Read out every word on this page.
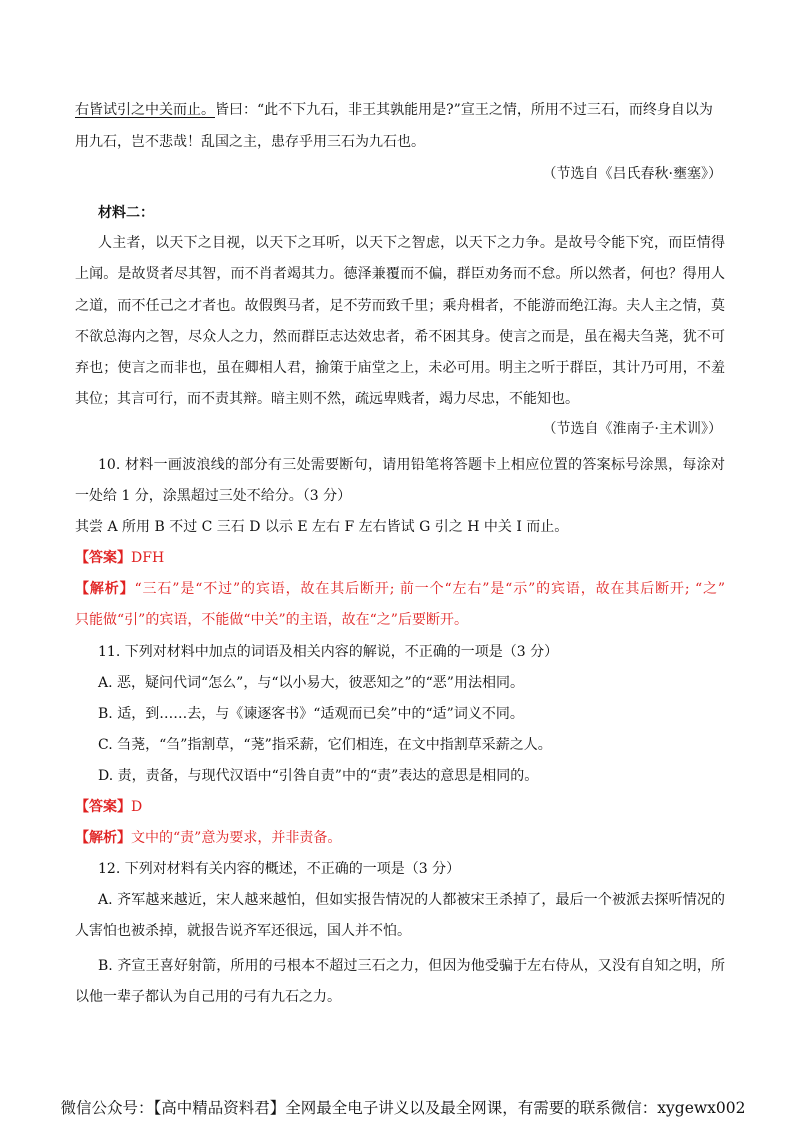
右皆试引之中关而止。皆曰：“此不下九石，非王其孰能用是?”宣王之情，所用不过三石，而终身自以为
用九石，岂不悲哉！乱国之主，患存乎用三石为九石也。
（节选自《吕氏春秋·壅塞》）
材料二：
人主者，以天下之目视，以天下之耳听，以天下之智虑，以天下之力争。是故号令能下究，而臣情得
上闻。是故贤者尽其智，而不肖者竭其力。德泽兼覆而不偏，群臣劝务而不怠。所以然者，何也？得用人
之道，而不任己之才者也。故假舆马者，足不劳而致千里；乘舟楫者，不能游而绝江海。夫人主之情，莫
不欲总海内之智，尽众人之力，然而群臣志达效忠者，希不困其身。使言之而是，虽在褐夫刍荛，犹不可
弃也；使言之而非也，虽在卿相人君，揄策于庙堂之上，未必可用。明主之听于群臣，其计乃可用，不羞
其位；其言可行，而不责其辩。暗主则不然，疏远卑贱者，竭力尽忠，不能知也。
（节选自《淮南子·主术训》）
10. 材料一画波浪线的部分有三处需要断句，请用铅笔将答题卡上相应位置的答案标号涂黑，每涂对
一处给 1 分，涂黑超过三处不给分。（3 分）
其尝 A 所用 B 不过 C 三石 D 以示 E 左右 F 左右皆试 G 引之 H 中关 I 而止。
【答案】DFH
【解析】“三石”是“不过”的宾语，故在其后断开; 前一个“左右”是“示”的宾语，故在其后断开; “之”
只能做“引”的宾语，不能做“中关”的主语，故在“之”后要断开。
11. 下列对材料中加点的词语及相关内容的解说，不正确的一项是（3 分）
A. 恶，疑问代词“怎么”，与“以小易大，彼恶知之”的“恶”用法相同。
B. 适，到……去，与《谏逐客书》“适观而已矣”中的“适”词义不同。
C. 刍荛，“刍”指割草，“荛”指采薪，它们相连，在文中指割草采薪之人。
D. 责，责备，与现代汉语中“引咎自责”中的“责”表达的意思是相同的。
【答案】D
【解析】文中的“责”意为要求，并非责备。
12. 下列对材料有关内容的概述，不正确的一项是（3 分）
A. 齐军越来越近，宋人越来越怕，但如实报告情况的人都被宋王杀掉了，最后一个被派去探听情况的
人害怕也被杀掉，就报告说齐军还很远，国人并不怕。
B. 齐宣王喜好射箭，所用的弓根本不超过三石之力，但因为他受骗于左右侍从，又没有自知之明，所
以他一辈子都认为自己用的弓有九石之力。
微信公众号：【高中精品资料君】全网最全电子讲义以及最全网课，有需要的联系微信：xygewx002
